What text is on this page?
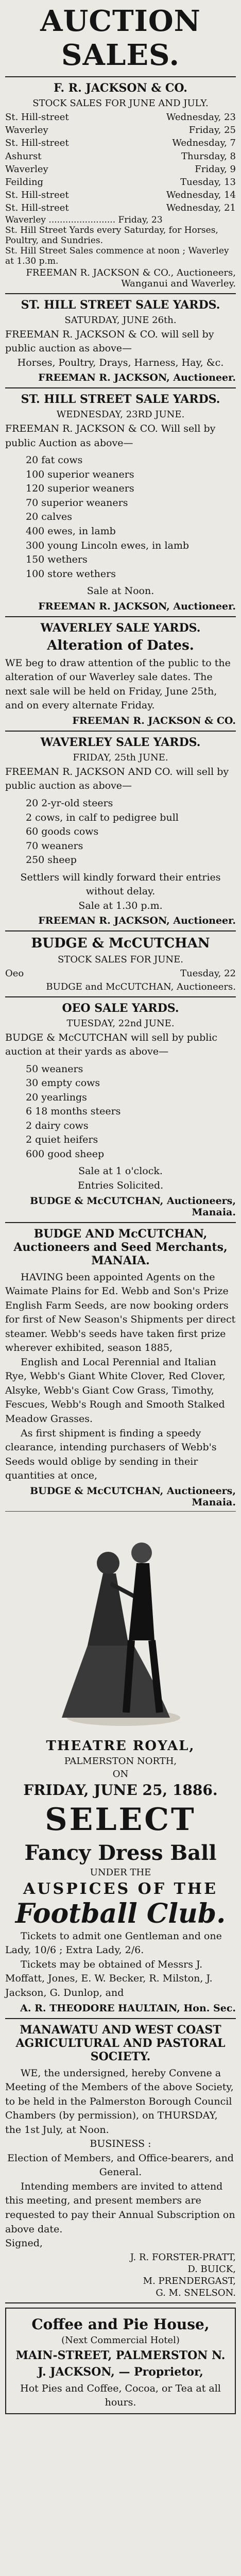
AUCTION SALES.
F. R. JACKSON & CO.
STOCK SALES FOR JUNE AND JULY.
St. Hill-street	Wednesday, 23
Waverley	Friday, 25
St. Hill-street	Wednesday, 7
Ashurst	Thursday, 8
Waverley	Friday, 9
Feilding	Tuesday, 13
St. Hill-street	Wednesday, 14
St. Hill-street	Wednesday, 21
Waverley ........................ Friday, 23
St. Hill Street Yards every Saturday, for Horses, Poultry, and Sundries.
St. Hill Street Sales commence at noon ; Waverley at 1.30 p.m.
FREEMAN R. JACKSON & CO., Auctioneers, Wanganui and Waverley.
ST. HILL STREET SALE YARDS.
SATURDAY, JUNE 26th.
FREEMAN R. JACKSON & CO. will sell by public auction as above—
Horses, Poultry, Drays, Harness, Hay, &c.
FREEMAN R. JACKSON, Auctioneer.
ST. HILL STREET SALE YARDS.
WEDNESDAY, 23RD JUNE.
FREEMAN R. JACKSON & CO. Will sell by public Auction as above—
20 fat cows
100 superior weaners
120 superior weaners
70 superior weaners
20 calves
400 ewes, in lamb
300 young Lincoln ewes, in lamb
150 wethers
100 store wethers
Sale at Noon.
FREEMAN R. JACKSON, Auctioneer.
WAVERLEY SALE YARDS.
Alteration of Dates.
WE beg to draw attention of the public to the alteration of our Waverley sale dates. The next sale will be held on Friday, June 25th, and on every alternate Friday.
FREEMAN R. JACKSON & CO.
WAVERLEY SALE YARDS.
FRIDAY, 25th JUNE.
FREEMAN R. JACKSON AND CO. will sell by public auction as above—
20 2-yr-old steers
2 cows, in calf to pedigree bull
60 goods cows
70 weaners
250 sheep
Settlers will kindly forward their entries without delay.
Sale at 1.30 p.m.
FREEMAN R. JACKSON, Auctioneer.
BUDGE & McCUTCHAN
STOCK SALES FOR JUNE.
Oeo	Tuesday, 22
BUDGE and McCUTCHAN, Auctioneers.
OEO SALE YARDS.
TUESDAY, 22nd JUNE.
BUDGE & McCUTCHAN will sell by public auction at their yards as above—
50 weaners
30 empty cows
20 yearlings
6 18 months steers
2 dairy cows
2 quiet heifers
600 good sheep
Sale at 1 o'clock.
Entries Solicited.
BUDGE & McCUTCHAN, Auctioneers, Manaia.
BUDGE AND McCUTCHAN, Auctioneers and Seed Merchants, MANAIA.
HAVING been appointed Agents on the Waimate Plains for Ed. Webb and Son's Prize English Farm Seeds, are now booking orders for first of New Season's Shipments per direct steamer. Webb's seeds have taken first prize wherever exhibited, season 1885,
English and Local Perennial and Italian Rye, Webb's Giant White Clover, Red Clover, Alsyke, Webb's Giant Cow Grass, Timothy, Fescues, Webb's Rough and Smooth Stalked Meadow Grasses.
As first shipment is finding a speedy clearance, intending purchasers of Webb's Seeds would oblige by sending in their quantities at once,
BUDGE & McCUTCHAN, Auctioneers, Manaia.
THEATRE ROYAL,
PALMERSTON NORTH,
ON
FRIDAY, JUNE 25, 1886.
SELECT
Fancy Dress Ball
UNDER THE
AUSPICES OF THE
Football Club.
Tickets to admit one Gentleman and one Lady, 10/6 ; Extra Lady, 2/6.
Tickets may be obtained of Messrs J. Moffatt, Jones, E. W. Becker, R. Milston, J. Jackson, G. Dunlop, and
A. R. THEODORE HAULTAIN, Hon. Sec.
MANAWATU AND WEST COAST AGRICULTURAL AND PASTORAL SOCIETY.
WE, the undersigned, hereby Convene a Meeting of the Members of the above Society, to be held in the Palmerston Borough Council Chambers (by permission), on THURSDAY, the 1st July, at Noon.
BUSINESS :
Election of Members, and Office-bearers, and General.
Intending members are invited to attend this meeting, and present members are requested to pay their Annual Subscription on above date.
Signed,
J. R. FORSTER-PRATT,
D. BUICK,
M. PRENDERGAST,
G. M. SNELSON.
Coffee and Pie House,
(Next Commercial Hotel)
MAIN-STREET, PALMERSTON N.
J. JACKSON, — Proprietor,
Hot Pies and Coffee, Cocoa, or Tea at all hours.
